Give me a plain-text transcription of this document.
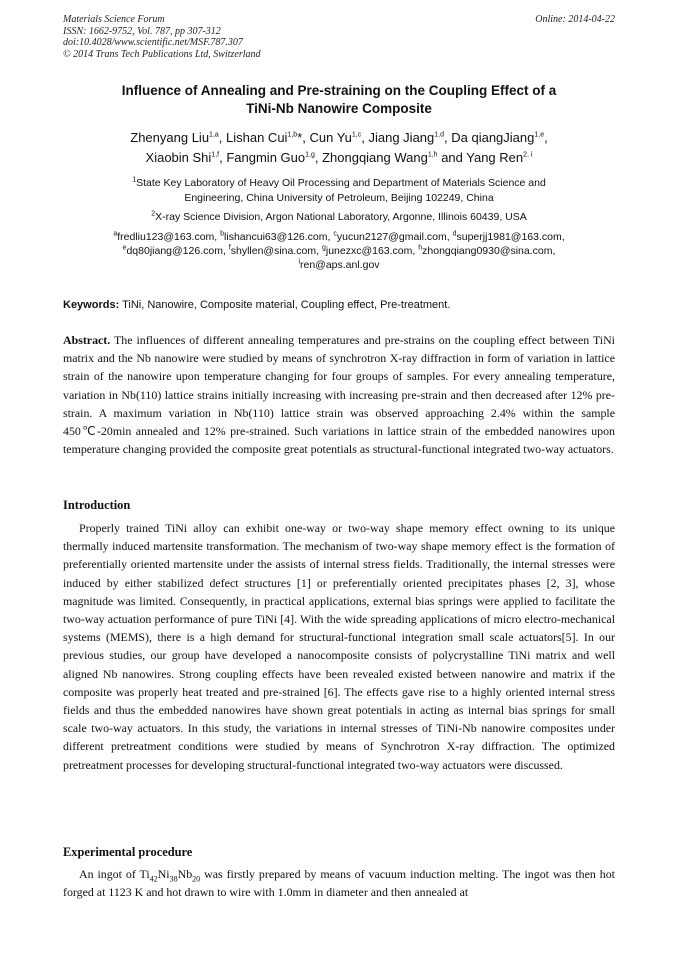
Materials Science Forum
ISSN: 1662-9752, Vol. 787, pp 307-312
doi:10.4028/www.scientific.net/MSF.787.307
© 2014 Trans Tech Publications Ltd, Switzerland
Online: 2014-04-22
Influence of Annealing and Pre-straining on the Coupling Effect of a
TiNi-Nb Nanowire Composite
Zhenyang Liu$^{1,a}$, Lishan Cui$^{1,b}$*, Cun Yu$^{1,c}$, Jiang Jiang$^{1,d}$, Da qiangJiang$^{1,e}$,
Xiaobin Shi$^{1,f}$, Fangmin Guo$^{1,g}$, Zhongqiang Wang$^{1,h}$ and Yang Ren$^{2, i}$
$^1$State Key Laboratory of Heavy Oil Processing and Department of Materials Science and
Engineering, China University of Petroleum, Beijing 102249, China
$^2$X-ray Science Division, Argon National Laboratory, Argonne, Illinois 60439, USA
$^a$fredliu123@163.com, $^b$lishancui63@126.com, $^c$yucun2127@gmail.com, $^d$superjj1981@163.com,
$^e$dq80jiang@126.com, $^f$shyllen@sina.com, $^g$junezxc@163.com, $^h$zhongqiang0930@sina.com,
$^i$ren@aps.anl.gov
Keywords: TiNi, Nanowire, Composite material, Coupling effect, Pre-treatment.
Abstract. The influences of different annealing temperatures and pre-strains on the coupling effect between TiNi matrix and the Nb nanowire were studied by means of synchrotron X-ray diffraction in form of variation in lattice strain of the nanowire upon temperature changing for four groups of samples. For every annealing temperature, variation in Nb(110) lattice strains initially increasing with increasing pre-strain and then decreased after 12% pre-strain. A maximum variation in Nb(110) lattice strain was observed approaching 2.4% within the sample 450℃-20min annealed and 12% pre-strained. Such variations in lattice strain of the embedded nanowires upon temperature changing provided the composite great potentials as structural-functional integrated two-way actuators.
Introduction
Properly trained TiNi alloy can exhibit one-way or two-way shape memory effect owning to its unique thermally induced martensite transformation. The mechanism of two-way shape memory effect is the formation of preferentially oriented martensite under the assists of internal stress fields. Traditionally, the internal stresses were induced by either stabilized defect structures [1] or preferentially oriented precipitates phases [2, 3], whose magnitude was limited. Consequently, in practical applications, external bias springs were applied to facilitate the two-way actuation performance of pure TiNi [4]. With the wide spreading applications of micro electro-mechanical systems (MEMS), there is a high demand for structural-functional integration small scale actuators[5]. In our previous studies, our group have developed a nanocomposite consists of polycrystalline TiNi matrix and well aligned Nb nanowires. Strong coupling effects have been revealed existed between nanowire and matrix if the composite was properly heat treated and pre-strained [6]. The effects gave rise to a highly oriented internal stress fields and thus the embedded nanowires have shown great potentials in acting as internal bias springs for small scale two-way actuators. In this study, the variations in internal stresses of TiNi-Nb nanowire composites under different pretreatment conditions were studied by means of Synchrotron X-ray diffraction. The optimized pretreatment processes for developing structural-functional integrated two-way actuators were discussed.
Experimental procedure
An ingot of $Ti_{42}Ni_{38}Nb_{20}$ was firstly prepared by means of vacuum induction melting. The ingot was then hot forged at 1123 K and hot drawn to wire with 1.0mm in diameter and then annealed at
